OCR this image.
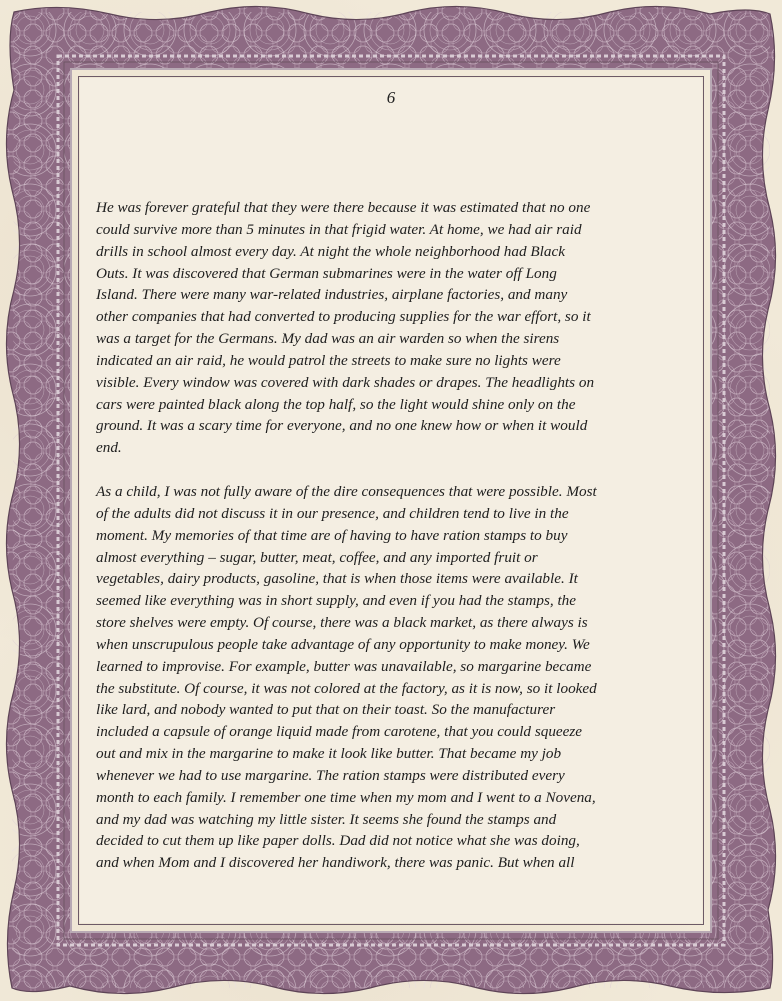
6

He was forever grateful that they were there because it was estimated that no one
could survive more than 5 minutes in that frigid water. At home, we had air raid
drills in school almost every day. At night the whole neighborhood had Black
Outs. It was discovered that German submarines were in the water off Long
Island. There were many war-related industries, airplane factories, and many
other companies that had converted to producing supplies for the war effort, so it
was a target for the Germans. My dad was an air warden so when the sirens
indicated an air raid, he would patrol the streets to make sure no lights were
visible. Every window was covered with dark shades or drapes. The headlights on
cars were painted black along the top half, so the light would shine only on the
ground. It was a scary time for everyone, and no one knew how or when it would
end.

As a child, I was not fully aware of the dire consequences that were possible. Most
of the adults did not discuss it in our presence, and children tend to live in the
moment. My memories of that time are of having to have ration stamps to buy
almost everything – sugar, butter, meat, coffee, and any imported fruit or
vegetables, dairy products, gasoline, that is when those items were available. It
seemed like everything was in short supply, and even if you had the stamps, the
store shelves were empty. Of course, there was a black market, as there always is
when unscrupulous people take advantage of any opportunity to make money. We
learned to improvise. For example, butter was unavailable, so margarine became
the substitute. Of course, it was not colored at the factory, as it is now, so it looked
like lard, and nobody wanted to put that on their toast. So the manufacturer
included a capsule of orange liquid made from carotene, that you could squeeze
out and mix in the margarine to make it look like butter. That became my job
whenever we had to use margarine. The ration stamps were distributed every
month to each family. I remember one time when my mom and I went to a Novena,
and my dad was watching my little sister. It seems she found the stamps and
decided to cut them up like paper dolls. Dad did not notice what she was doing,
and when Mom and I discovered her handiwork, there was panic. But when all
